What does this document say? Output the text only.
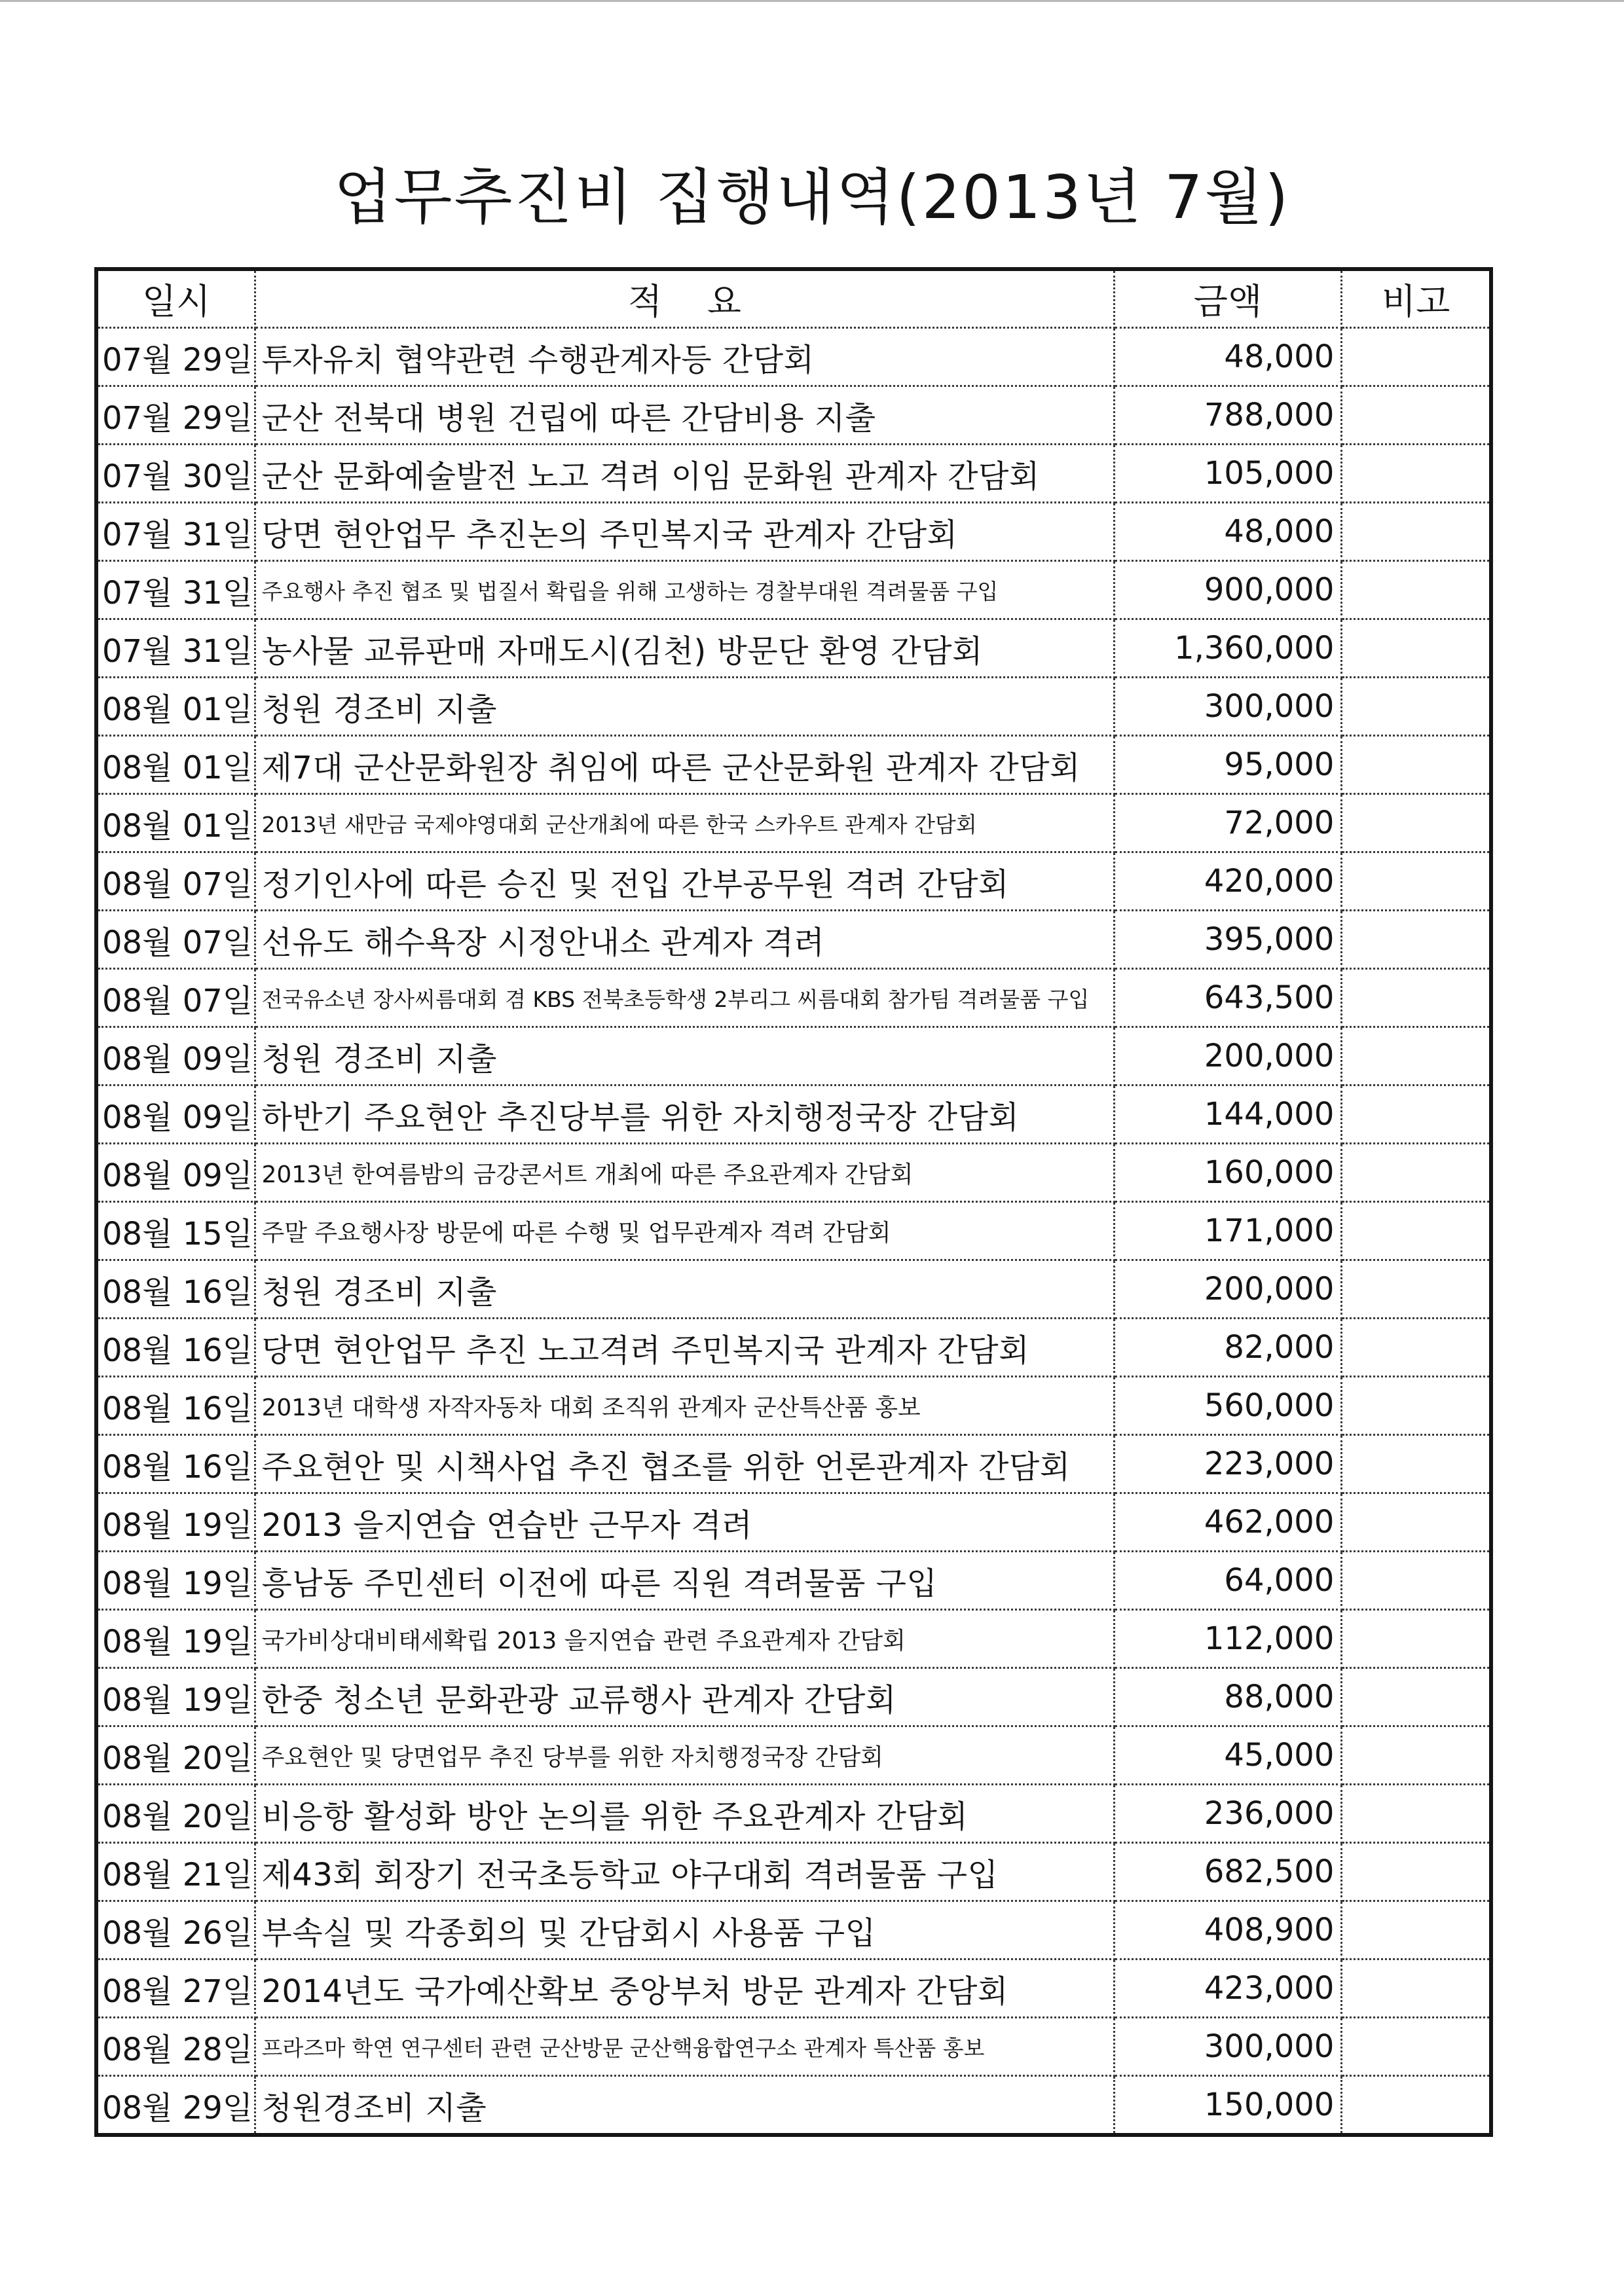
업무추진비 집행내역(2013년 7월)
일시	적    요	금액	비고
07월 29일	투자유치 협약관련 수행관계자등 간담회	48,000	
07월 29일	군산 전북대 병원 건립에 따른 간담비용 지출	788,000	
07월 30일	군산 문화예술발전 노고 격려 이임 문화원 관계자 간담회	105,000	
07월 31일	당면 현안업무 추진논의 주민복지국 관계자 간담회	48,000	
07월 31일	주요행사 추진 협조 및 법질서 확립을 위해 고생하는 경찰부대원 격려물품 구입	900,000	
07월 31일	농사물 교류판매 자매도시(김천) 방문단 환영 간담회	1,360,000	
08월 01일	청원 경조비 지출	300,000	
08월 01일	제7대 군산문화원장 취임에 따른 군산문화원 관계자 간담회	95,000	
08월 01일	2013년 새만금 국제야영대회 군산개최에 따른 한국 스카우트 관계자 간담회	72,000	
08월 07일	정기인사에 따른 승진 및 전입 간부공무원 격려 간담회	420,000	
08월 07일	선유도 해수욕장 시정안내소 관계자 격려	395,000	
08월 07일	전국유소년 장사씨름대회 겸 KBS 전북초등학생 2부리그 씨름대회 참가팀 격려물품 구입	643,500	
08월 09일	청원 경조비 지출	200,000	
08월 09일	하반기 주요현안 추진당부를 위한 자치행정국장 간담회	144,000	
08월 09일	2013년 한여름밤의 금강콘서트 개최에 따른 주요관계자 간담회	160,000	
08월 15일	주말 주요행사장 방문에 따른 수행 및 업무관계자 격려 간담회	171,000	
08월 16일	청원 경조비 지출	200,000	
08월 16일	당면 현안업무 추진 노고격려 주민복지국 관계자 간담회	82,000	
08월 16일	2013년 대학생 자작자동차 대회 조직위 관계자 군산특산품 홍보	560,000	
08월 16일	주요현안 및 시책사업 추진 협조를 위한 언론관계자 간담회	223,000	
08월 19일	2013 을지연습 연습반 근무자 격려	462,000	
08월 19일	흥남동 주민센터 이전에 따른 직원 격려물품 구입	64,000	
08월 19일	국가비상대비태세확립 2013 을지연습 관련 주요관계자 간담회	112,000	
08월 19일	한중 청소년 문화관광 교류행사 관계자 간담회	88,000	
08월 20일	주요현안 및 당면업무 추진 당부를 위한 자치행정국장 간담회	45,000	
08월 20일	비응항 활성화 방안 논의를 위한 주요관계자 간담회	236,000	
08월 21일	제43회 회장기 전국초등학교 야구대회 격려물품 구입	682,500	
08월 26일	부속실 및 각종회의 및 간담회시 사용품 구입	408,900	
08월 27일	2014년도 국가예산확보 중앙부처 방문 관계자 간담회	423,000	
08월 28일	프라즈마 학연 연구센터 관련 군산방문 군산핵융합연구소 관계자 특산품 홍보	300,000	
08월 29일	청원경조비 지출	150,000	
